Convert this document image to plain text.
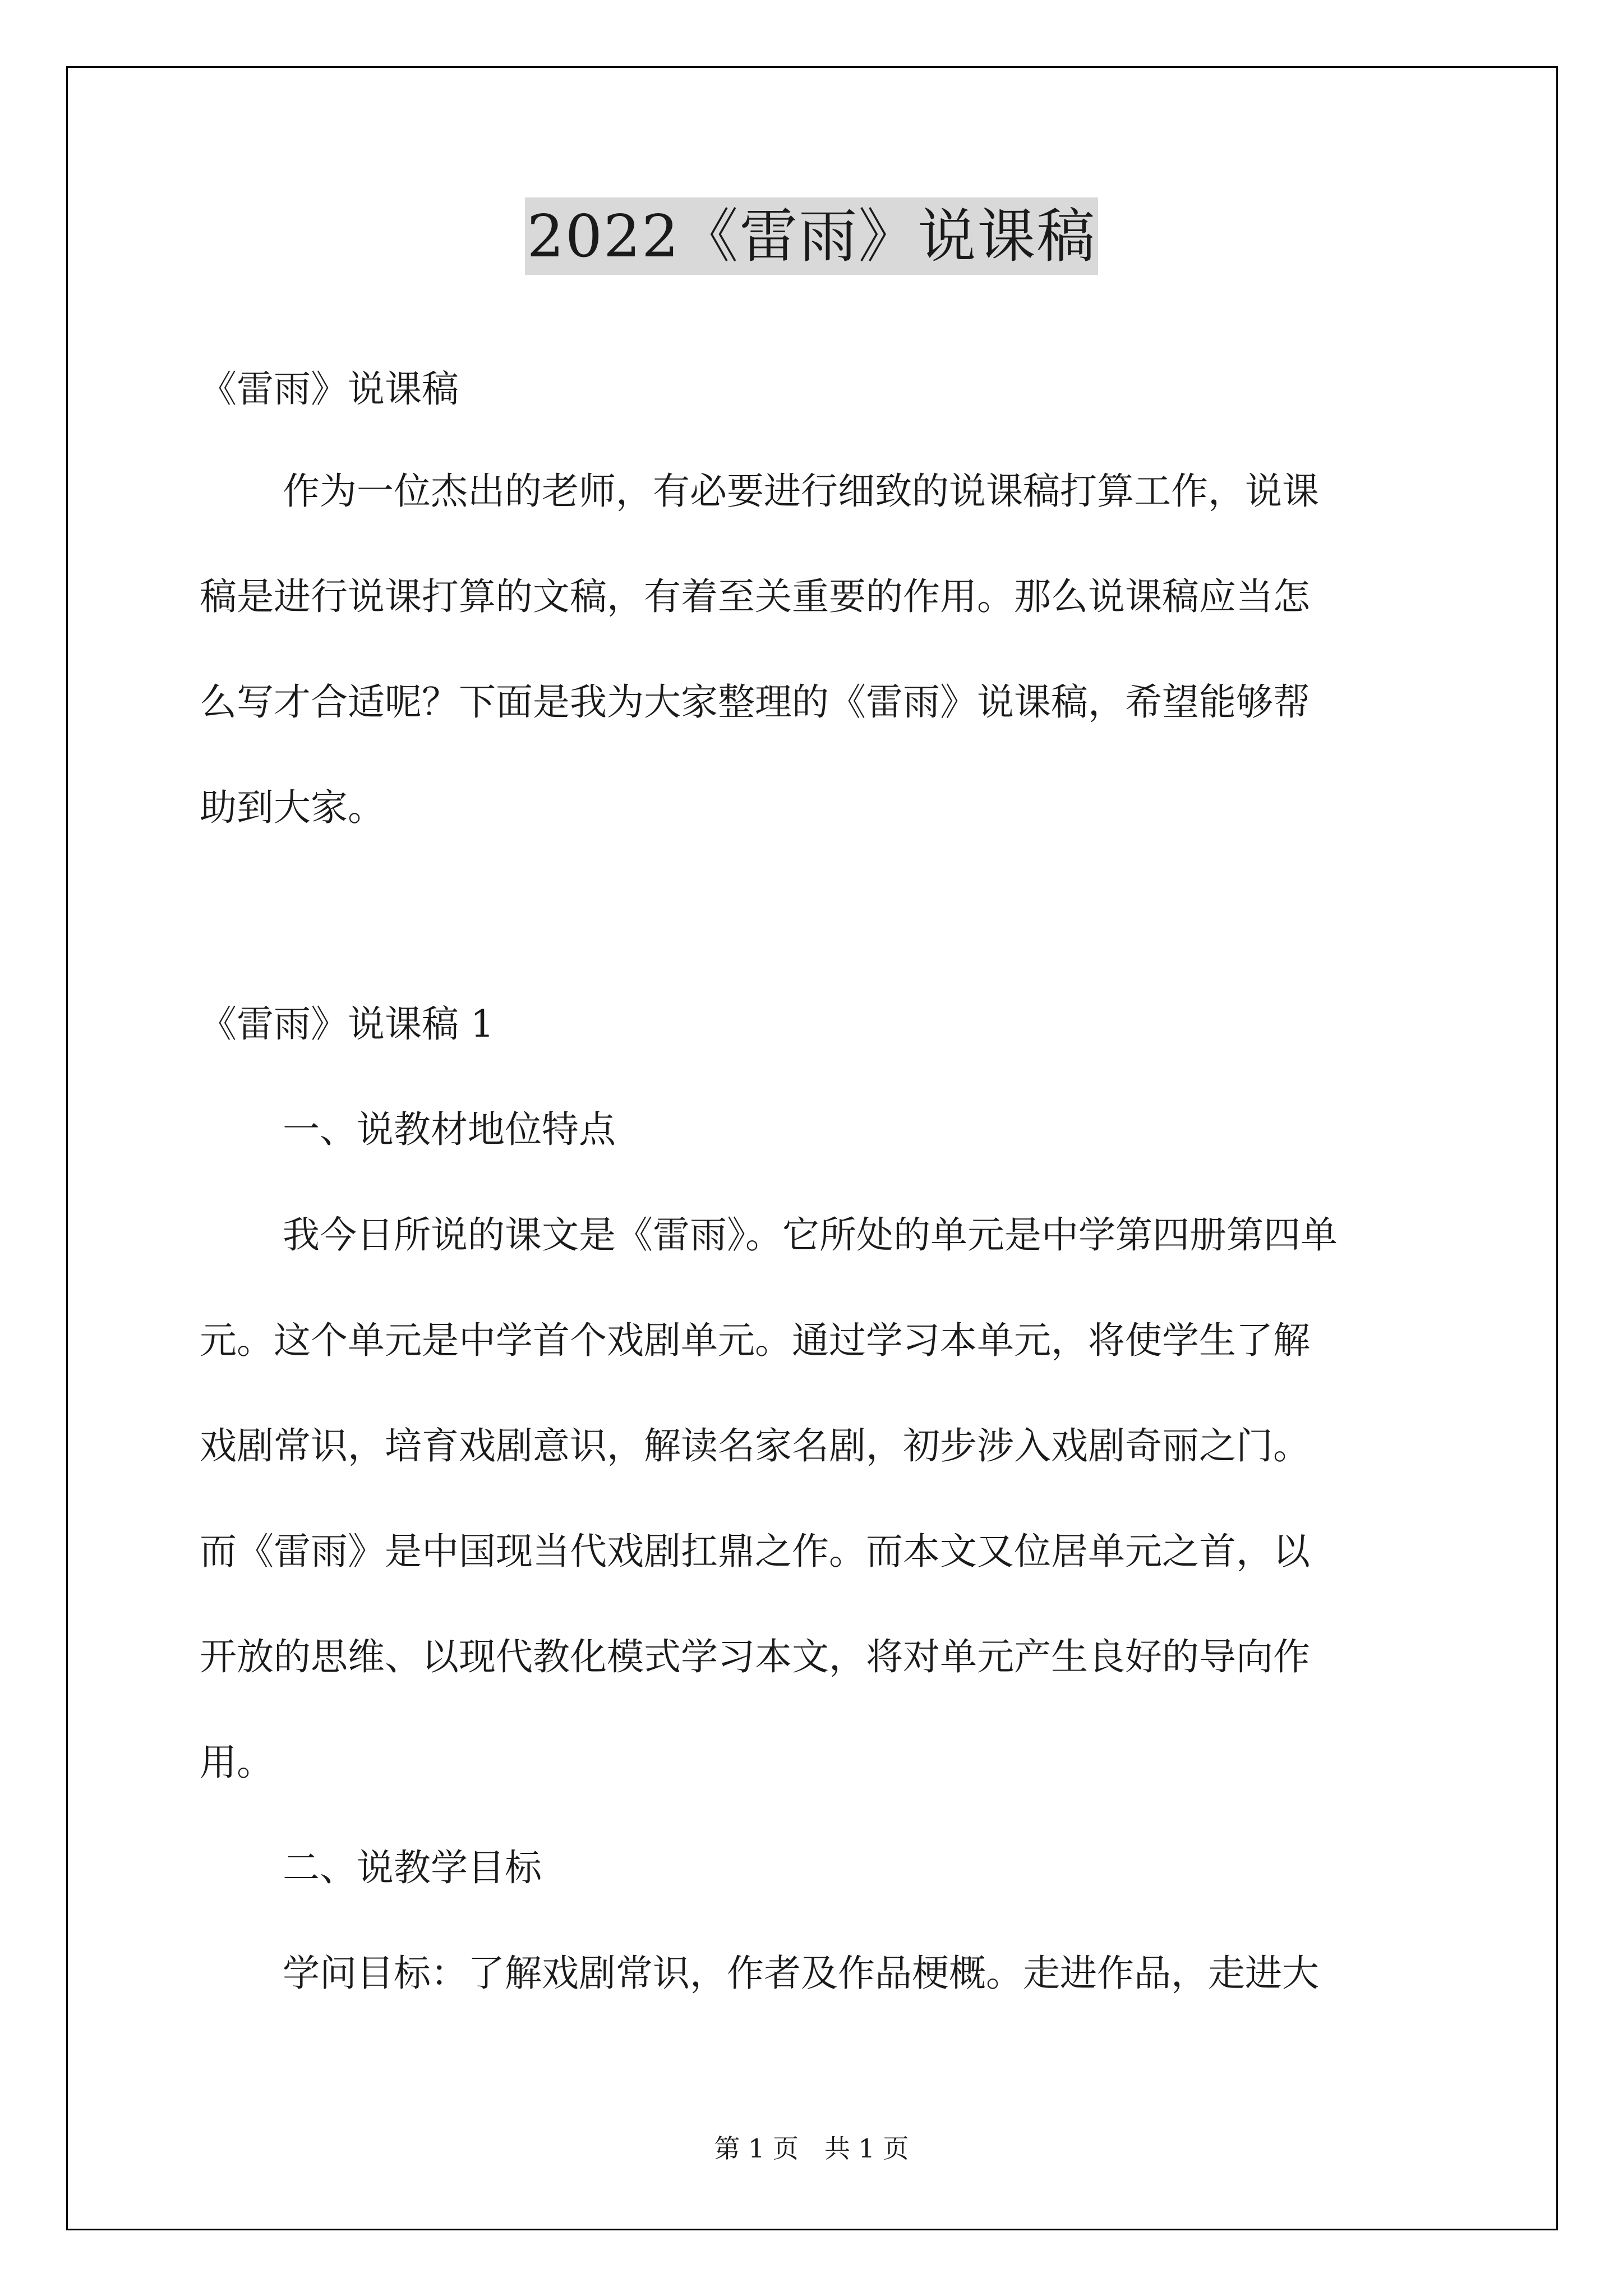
2022《雷雨》说课稿

《雷雨》说课稿

作为一位杰出的老师，有必要进行细致的说课稿打算工作，说课

稿是进行说课打算的文稿，有着至关重要的作用。那么说课稿应当怎

么写才合适呢？下面是我为大家整理的《雷雨》说课稿，希望能够帮

助到大家。

《雷雨》说课稿 1

一、说教材地位特点

我今日所说的课文是《雷雨》。它所处的单元是中学第四册第四单

元。这个单元是中学首个戏剧单元。通过学习本单元，将使学生了解

戏剧常识，培育戏剧意识，解读名家名剧，初步涉入戏剧奇丽之门。

而《雷雨》是中国现当代戏剧扛鼎之作。而本文又位居单元之首，以

开放的思维、以现代教化模式学习本文，将对单元产生良好的导向作

用。

二、说教学目标

学问目标：了解戏剧常识，作者及作品梗概。走进作品，走进大

第 1 页　共 1 页
